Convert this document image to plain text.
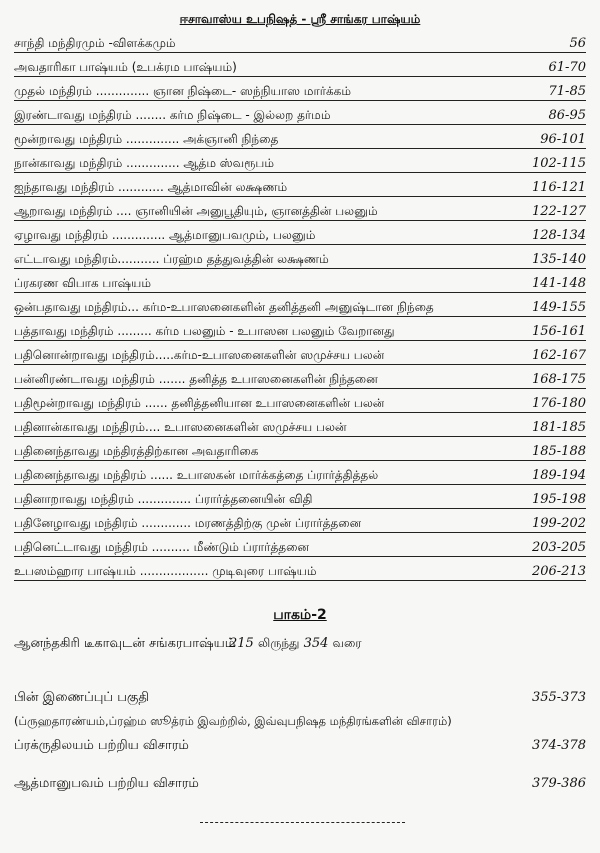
ஈசாவாஸ்ய உபநிஷத் - ஸ்ரீ சாங்கர பாஷ்யம்
சாந்தி மந்திரமும் -விளக்கமும்	56
அவதாரிகா பாஷ்யம் (உபக்ரம பாஷ்யம்)	61-70
முதல் மந்திரம் .............. ஞான நிஷ்டை- ஸந்நியாஸ மார்க்கம்	71-85
இரண்டாவது மந்திரம் ........ கர்ம நிஷ்டை - இல்லற தர்மம்	86-95
மூன்றாவது மந்திரம் .............. அக்ஞானி நிந்தை	96-101
நான்காவது மந்திரம் .............. ஆத்ம ஸ்வரூபம்	102-115
ஐந்தாவது மந்திரம் ............ ஆத்மாவின் லக்ஷணம்	116-121
ஆறாவது மந்திரம் .... ஞானியின் அனுபூதியும், ஞானத்தின் பலனும்	122-127
ஏழாவது மந்திரம் .............. ஆத்மானுபவமும், பலனும்	128-134
எட்டாவது மந்திரம்........... ப்ரஹ்ம தத்துவத்தின் லக்ஷணம்	135-140
ப்ரகரண விபாக பாஷ்யம்	141-148
ஒன்பதாவது மந்திரம்... கர்ம-உபாஸனைகளின் தனித்தனி அனுஷ்டான நிந்தை	149-155
பத்தாவது மந்திரம் ......... கர்ம பலனும் - உபாஸன பலனும் வேறானது	156-161
பதினொன்றாவது மந்திரம்.....கர்ம-உபாஸனைகளின் ஸமுச்சய பலன்	162-167
பன்னிரண்டாவது மந்திரம் ....... தனித்த உபாஸனைகளின் நிந்தனை	168-175
பதிமூன்றாவது மந்திரம் ...... தனித்தனியான உபாஸனைகளின் பலன்	176-180
பதினான்காவது மந்திரம்.... உபாஸனைகளின் ஸமுச்சய பலன்	181-185
பதினைந்தாவது மந்திரத்திற்கான அவதாரிகை	185-188
பதினைந்தாவது மந்திரம் ...... உபாஸகன் மார்க்கத்தை ப்ரார்த்தித்தல்	189-194
பதினாறாவது மந்திரம் .............. ப்ரார்த்தனையின் விதி	195-198
பதினேழாவது மந்திரம் ............. மரணத்திற்கு முன் ப்ரார்த்தனை	199-202
பதினெட்டாவது மந்திரம் .......... மீண்டும் ப்ரார்த்தனை	203-205
உபஸம்ஹார பாஷ்யம் .................. முடிவுரை பாஷ்யம்	206-213
பாகம்-2
ஆனந்தகிரி டீகாவுடன் சங்கரபாஷ்யம்
215 லிருந்து 354 வரை
பின் இணைப்புப் பகுதி	355-373
(ப்ருஹதாரண்யம்,ப்ரஹ்ம ஸூத்ரம் இவற்றில், இவ்வுபநிஷத மந்திரங்களின் விசாரம்)
ப்ரக்ருதிலயம் பற்றிய விசாரம்	374-378
ஆத்மானுபவம் பற்றிய விசாரம்	379-386
